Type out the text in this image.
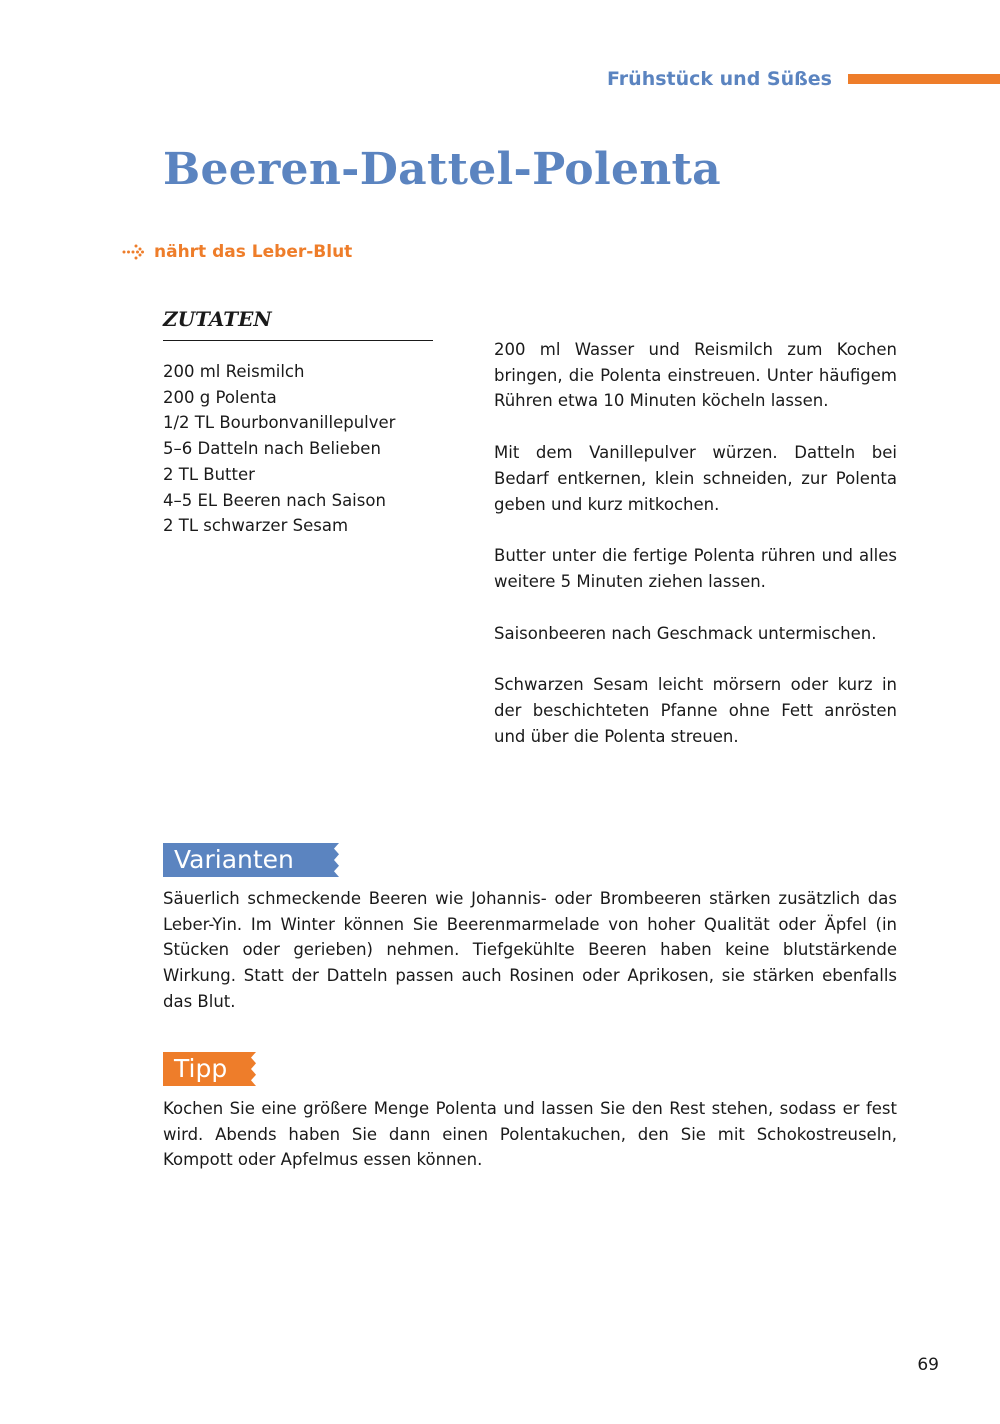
Frühstück und Süßes
Beeren-Dattel-Polenta
nährt das Leber-Blut
ZUTATEN
200 ml Reismilch
200 g Polenta
1/2 TL Bourbonvanillepulver
5–6 Datteln nach Belieben
2 TL Butter
4–5 EL Beeren nach Saison
2 TL schwarzer Sesam

200 ml Wasser und Reismilch zum Kochen bringen, die Polenta einstreuen. Unter häufigem Rühren etwa 10 Minuten köcheln lassen.

Mit dem Vanillepulver würzen. Datteln bei Bedarf entkernen, klein schneiden, zur Polenta geben und kurz mitkochen.

Butter unter die fertige Polenta rühren und alles weitere 5 Minuten ziehen lassen.

Saisonbeeren nach Geschmack untermischen.

Schwarzen Sesam leicht mörsern oder kurz in der beschichteten Pfanne ohne Fett anrösten und über die Polenta streuen.

Varianten

Säuerlich schmeckende Beeren wie Johannis- oder Brombeeren stärken zusätzlich das Leber-Yin. Im Winter können Sie Beerenmarmelade von hoher Qualität oder Äpfel (in Stücken oder gerieben) nehmen. Tiefgekühlte Beeren haben keine blutstärkende Wirkung. Statt der Datteln passen auch Rosinen oder Aprikosen, sie stärken ebenfalls das Blut.

Tipp

Kochen Sie eine größere Menge Polenta und lassen Sie den Rest stehen, sodass er fest wird. Abends haben Sie dann einen Polentakuchen, den Sie mit Schokostreuseln, Kompott oder Apfelmus essen können.

69
